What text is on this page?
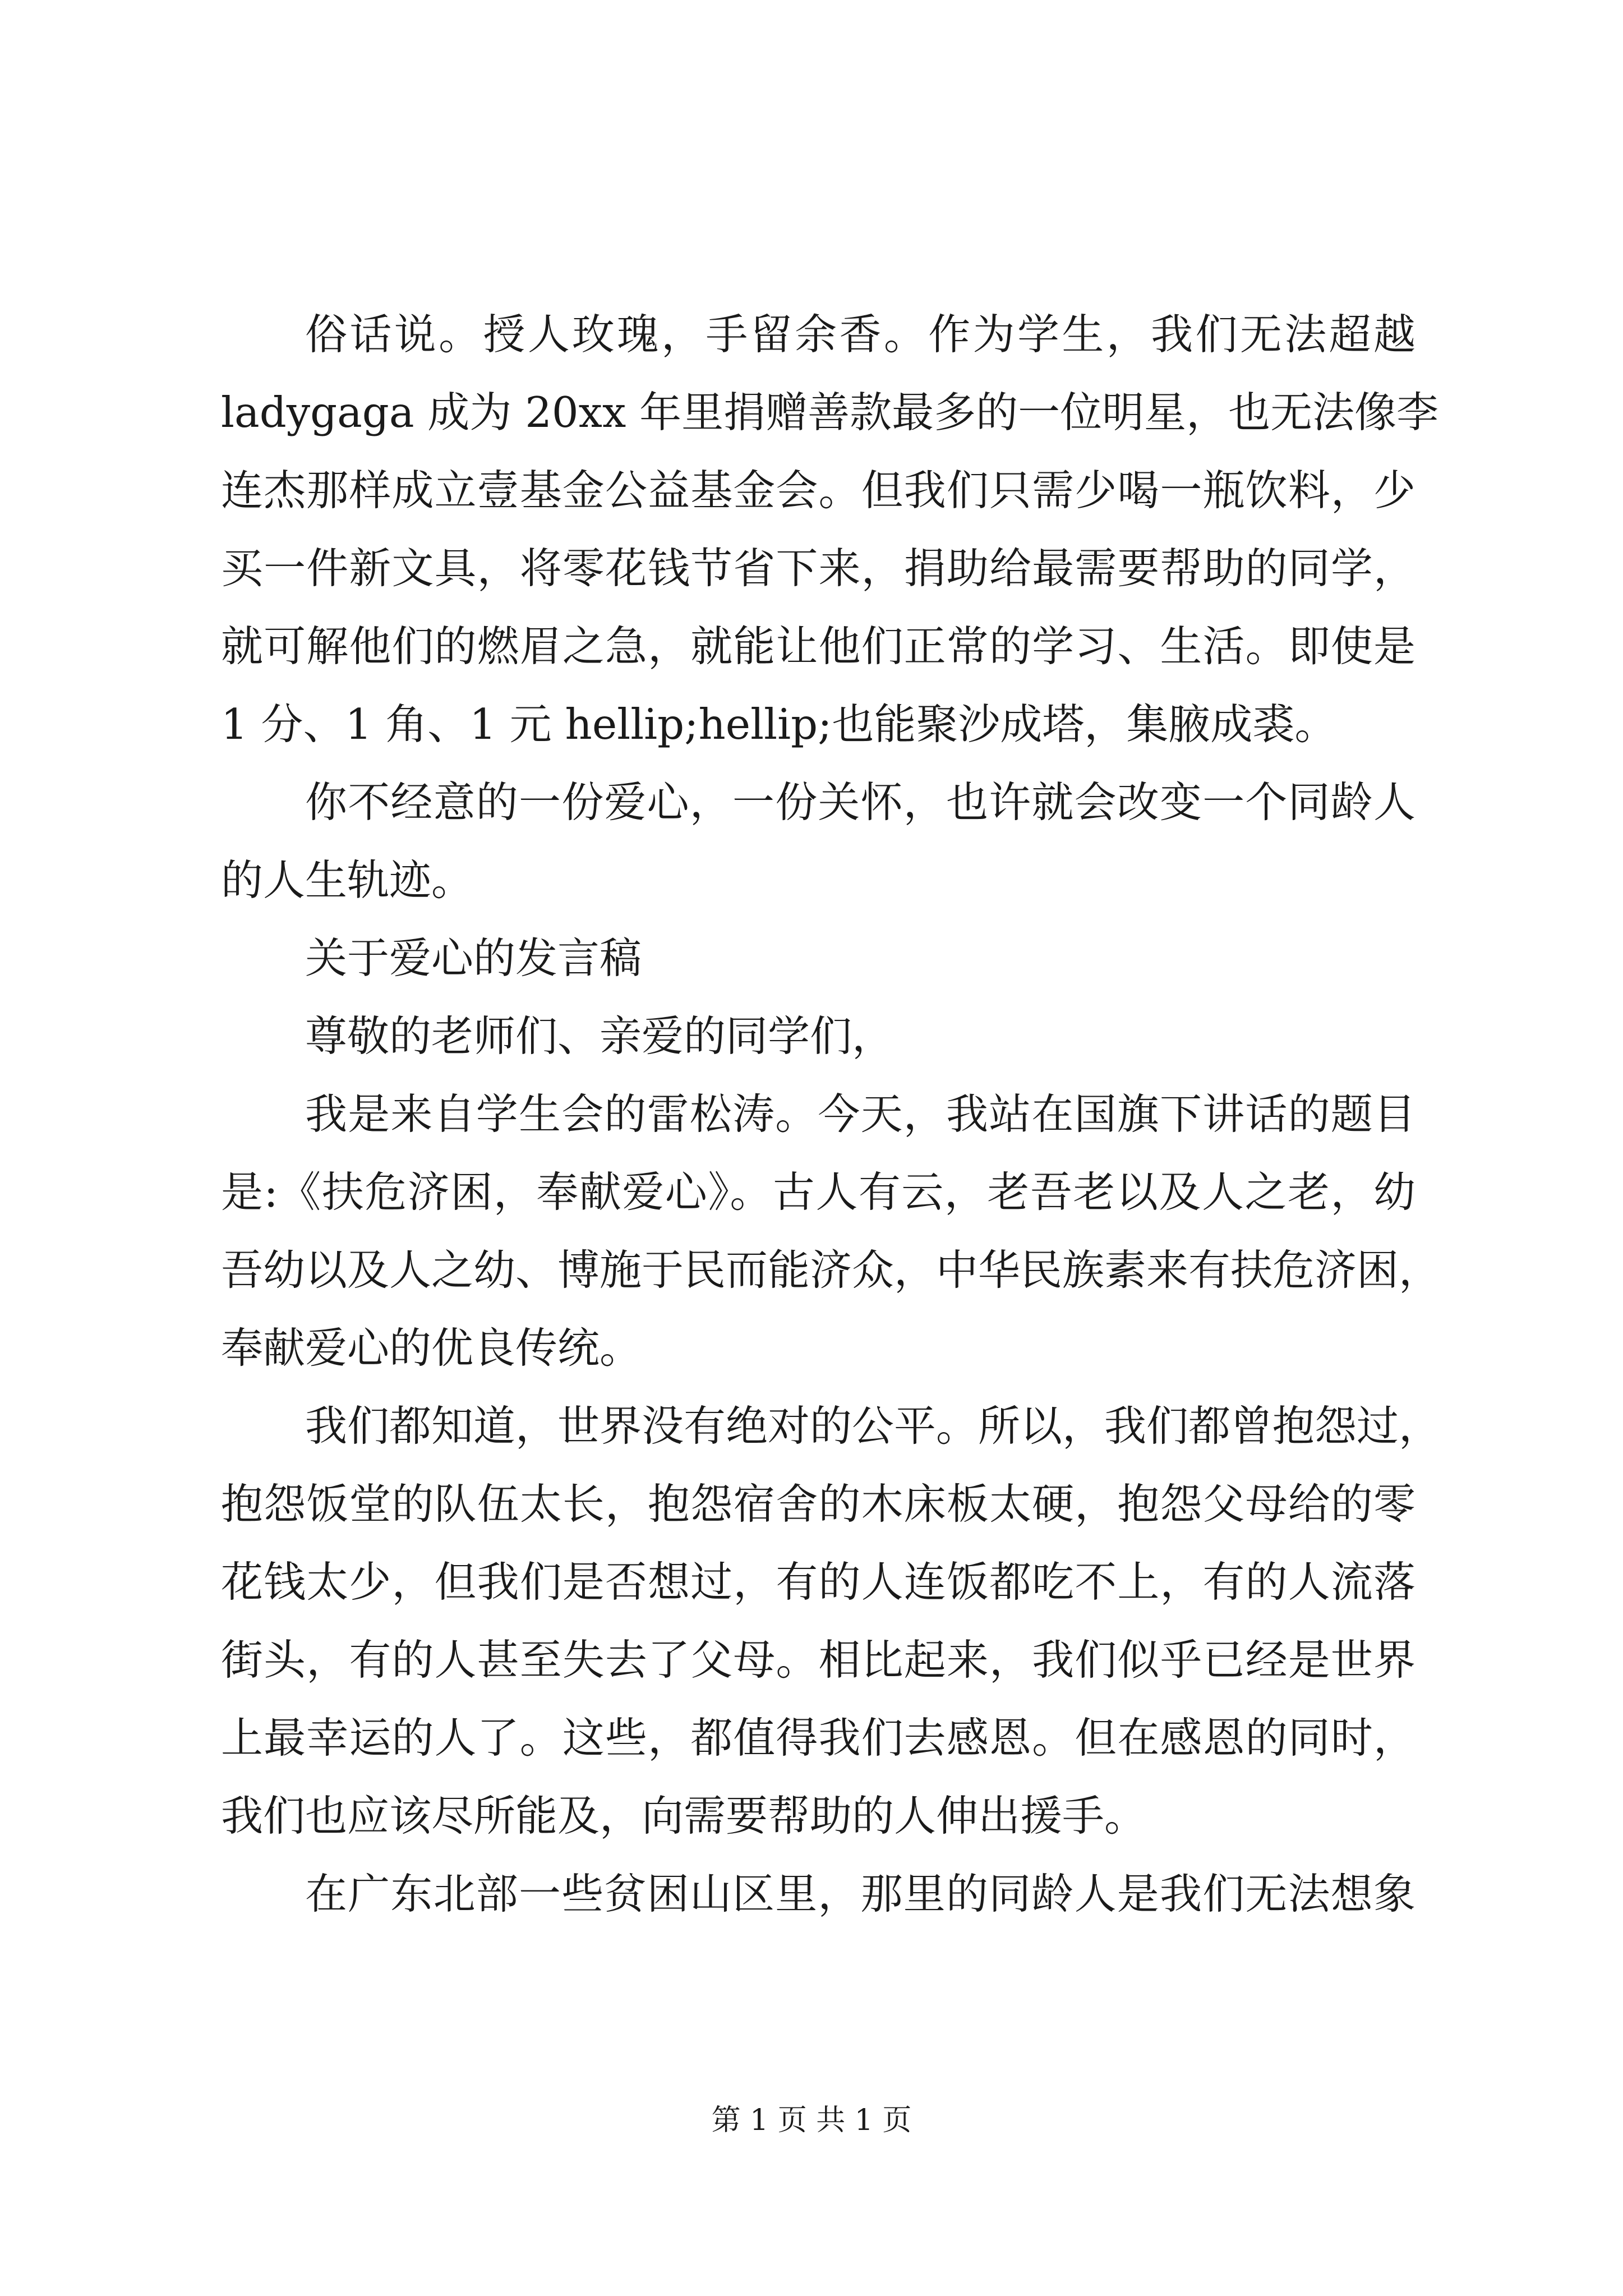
俗话说。授人玫瑰，手留余香。作为学生，我们无法超越
ladygaga 成为 20xx 年里捐赠善款最多的一位明星，也无法像李
连杰那样成立壹基金公益基金会。但我们只需少喝一瓶饮料，少
买一件新文具，将零花钱节省下来，捐助给最需要帮助的同学，
就可解他们的燃眉之急，就能让他们正常的学习、生活。即使是
1 分、1 角、1 元 hellip;hellip;也能聚沙成塔，集腋成裘。
你不经意的一份爱心，一份关怀，也许就会改变一个同龄人
的人生轨迹。
关于爱心的发言稿
尊敬的老师们、亲爱的同学们，
我是来自学生会的雷松涛。今天，我站在国旗下讲话的题目
是:《扶危济困，奉献爱心》。古人有云，老吾老以及人之老，幼
吾幼以及人之幼、博施于民而能济众，中华民族素来有扶危济困，
奉献爱心的优良传统。
我们都知道，世界没有绝对的公平。所以，我们都曾抱怨过，
抱怨饭堂的队伍太长，抱怨宿舍的木床板太硬，抱怨父母给的零
花钱太少，但我们是否想过，有的人连饭都吃不上，有的人流落
街头，有的人甚至失去了父母。相比起来，我们似乎已经是世界
上最幸运的人了。这些，都值得我们去感恩。但在感恩的同时，
我们也应该尽所能及，向需要帮助的人伸出援手。
在广东北部一些贫困山区里，那里的同龄人是我们无法想象
第 1 页 共 1 页
